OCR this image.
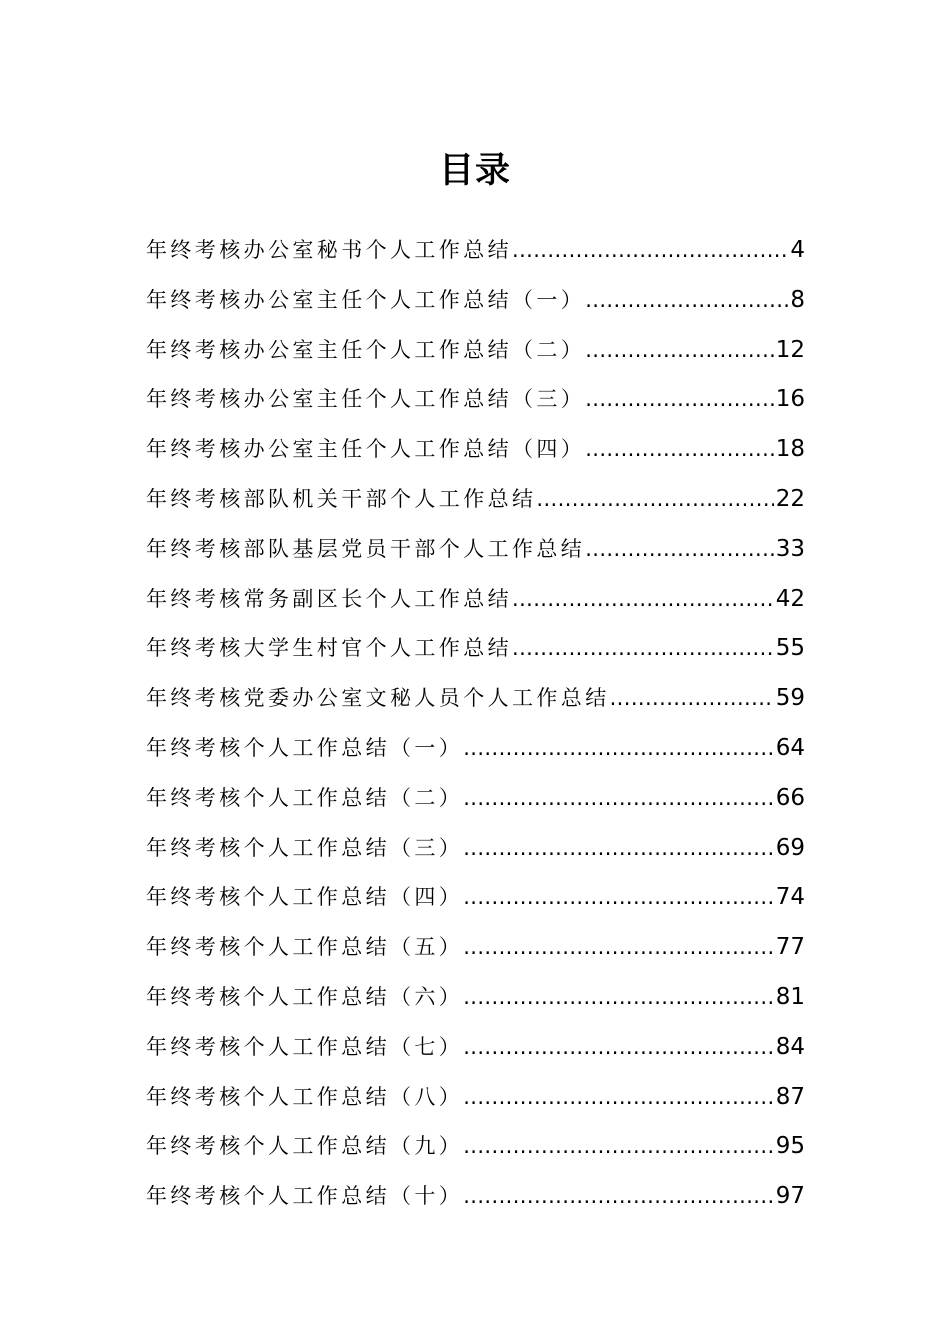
目录
年终考核办公室秘书个人工作总结 .....	4
年终考核办公室主任个人工作总结（一） .....	8
年终考核办公室主任个人工作总结（二） .....	12
年终考核办公室主任个人工作总结（三） .....	16
年终考核办公室主任个人工作总结（四） .....	18
年终考核部队机关干部个人工作总结 .....	22
年终考核部队基层党员干部个人工作总结 .....	33
年终考核常务副区长个人工作总结 .....	42
年终考核大学生村官个人工作总结 .....	55
年终考核党委办公室文秘人员个人工作总结 .....	59
年终考核个人工作总结（一） .....	64
年终考核个人工作总结（二） .....	66
年终考核个人工作总结（三） .....	69
年终考核个人工作总结（四） .....	74
年终考核个人工作总结（五） .....	77
年终考核个人工作总结（六） .....	81
年终考核个人工作总结（七） .....	84
年终考核个人工作总结（八） .....	87
年终考核个人工作总结（九） .....	95
年终考核个人工作总结（十） .....	97
